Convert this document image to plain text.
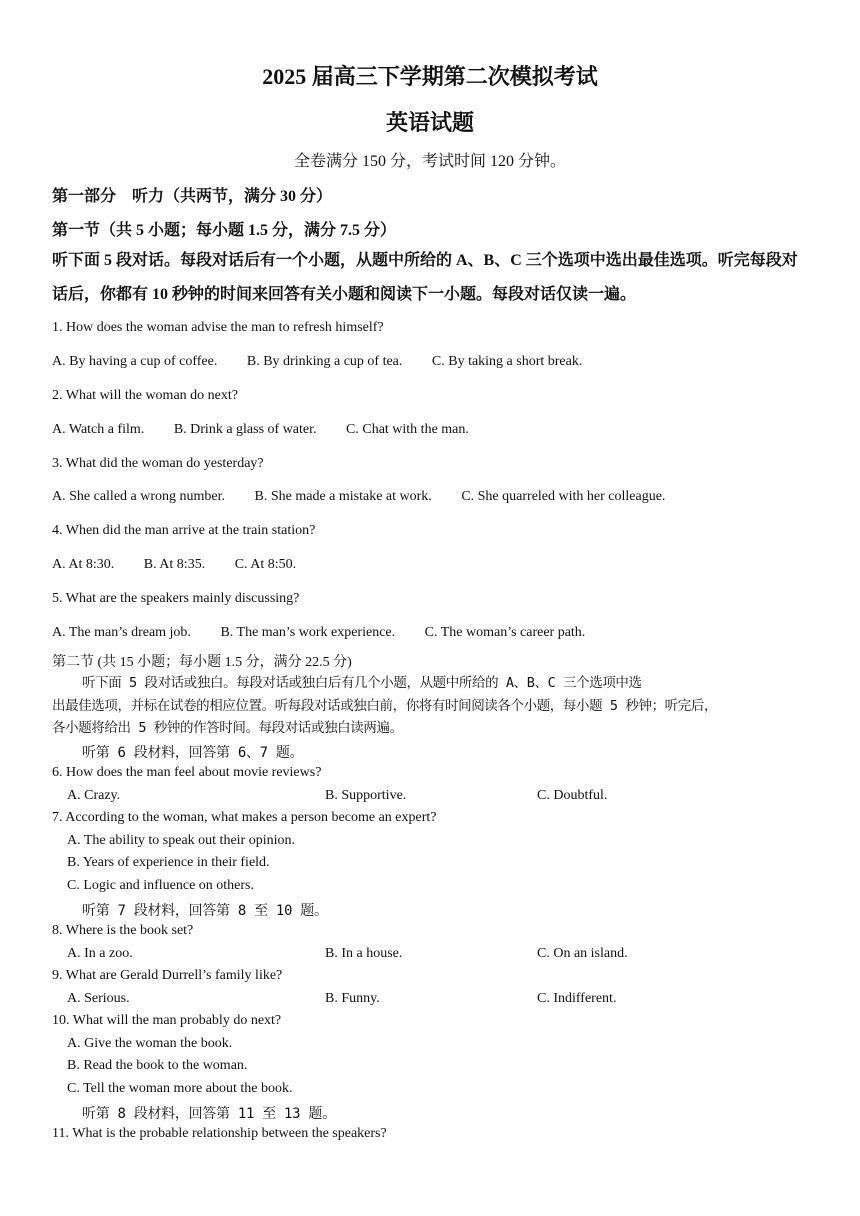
2025 届高三下学期第二次模拟考试
英语试题
全卷满分 150 分，考试时间 120 分钟。
第一部分　听力（共两节，满分 30 分）
第一节（共 5 小题；每小题 1.5 分，满分 7.5 分）
听下面 5 段对话。每段对话后有一个小题，从题中所给的 A、B、C 三个选项中选出最佳选项。听完每段对话后，你都有 10 秒钟的时间来回答有关小题和阅读下一小题。每段对话仅读一遍。
1. How does the woman advise the man to refresh himself?
A. By having a cup of coffee. B. By drinking a cup of tea. C. By taking a short break.
2. What will the woman do next?
A. Watch a film. B. Drink a glass of water. C. Chat with the man.
3. What did the woman do yesterday?
A. She called a wrong number. B. She made a mistake at work. C. She quarreled with her colleague.
4. When did the man arrive at the train station?
A. At 8:30. B. At 8:35. C. At 8:50.
5. What are the speakers mainly discussing?
A. The man’s dream job. B. The man’s work experience. C. The woman’s career path.
第二节 (共 15 小题；每小题 1.5 分，满分 22.5 分)
听下面 5 段对话或独白。每段对话或独白后有几个小题，从题中所给的 A、B、C 三个选项中选
出最佳选项，并标在试卷的相应位置。听每段对话或独白前，你将有时间阅读各个小题，每小题 5 秒钟；听完后，
各小题将给出 5 秒钟的作答时间。每段对话或独白读两遍。
听第 6 段材料，回答第 6、7 题。
6. How does the man feel about movie reviews?
A. Crazy.	B. Supportive.	C. Doubtful.
7. According to the woman, what makes a person become an expert?
A. The ability to speak out their opinion.
B. Years of experience in their field.
C. Logic and influence on others.
听第 7 段材料，回答第 8 至 10 题。
8. Where is the book set?
A. In a zoo.	B. In a house.	C. On an island.
9. What are Gerald Durrell’s family like?
A. Serious.	B. Funny.	C. Indifferent.
10. What will the man probably do next?
A. Give the woman the book.
B. Read the book to the woman.
C. Tell the woman more about the book.
听第 8 段材料，回答第 11 至 13 题。
11. What is the probable relationship between the speakers?
